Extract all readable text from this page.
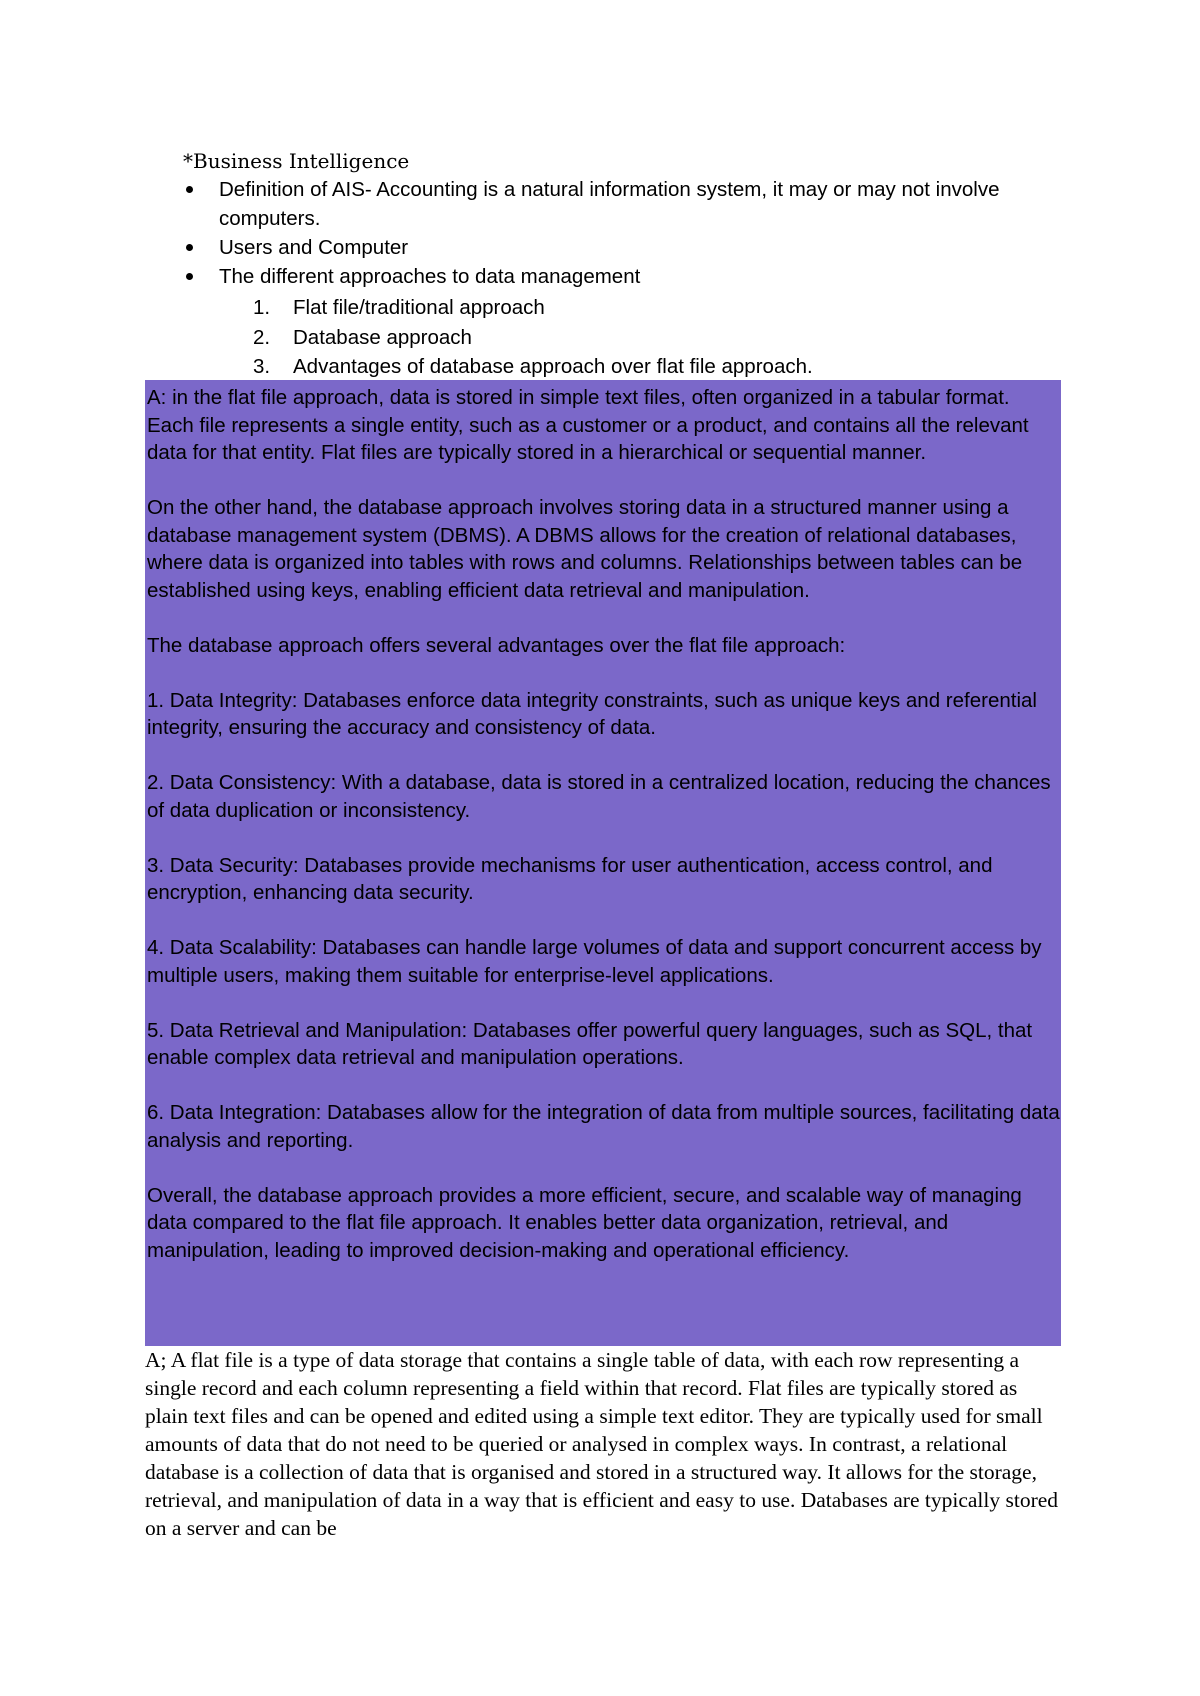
*Business Intelligence
Definition of AIS- Accounting is a natural information system, it may or may not involve computers.
Users and Computer
The different approaches to data management
1. Flat file/traditional approach
2. Database approach
3. Advantages of database approach over flat file approach.

A: in the flat file approach, data is stored in simple text files, often organized in a tabular format. Each file represents a single entity, such as a customer or a product, and contains all the relevant data for that entity. Flat files are typically stored in a hierarchical or sequential manner.

On the other hand, the database approach involves storing data in a structured manner using a database management system (DBMS). A DBMS allows for the creation of relational databases, where data is organized into tables with rows and columns. Relationships between tables can be established using keys, enabling efficient data retrieval and manipulation.

The database approach offers several advantages over the flat file approach:

1. Data Integrity: Databases enforce data integrity constraints, such as unique keys and referential integrity, ensuring the accuracy and consistency of data.

2. Data Consistency: With a database, data is stored in a centralized location, reducing the chances of data duplication or inconsistency.

3. Data Security: Databases provide mechanisms for user authentication, access control, and encryption, enhancing data security.

4. Data Scalability: Databases can handle large volumes of data and support concurrent access by multiple users, making them suitable for enterprise-level applications.

5. Data Retrieval and Manipulation: Databases offer powerful query languages, such as SQL, that enable complex data retrieval and manipulation operations.

6. Data Integration: Databases allow for the integration of data from multiple sources, facilitating data analysis and reporting.

Overall, the database approach provides a more efficient, secure, and scalable way of managing data compared to the flat file approach. It enables better data organization, retrieval, and manipulation, leading to improved decision-making and operational efficiency.

A; A flat file is a type of data storage that contains a single table of data, with each row representing a single record and each column representing a field within that record. Flat files are typically stored as plain text files and can be opened and edited using a simple text editor. They are typically used for small amounts of data that do not need to be queried or analysed in complex ways. In contrast, a relational database is a collection of data that is organised and stored in a structured way. It allows for the storage, retrieval, and manipulation of data in a way that is efficient and easy to use. Databases are typically stored on a server and can be
